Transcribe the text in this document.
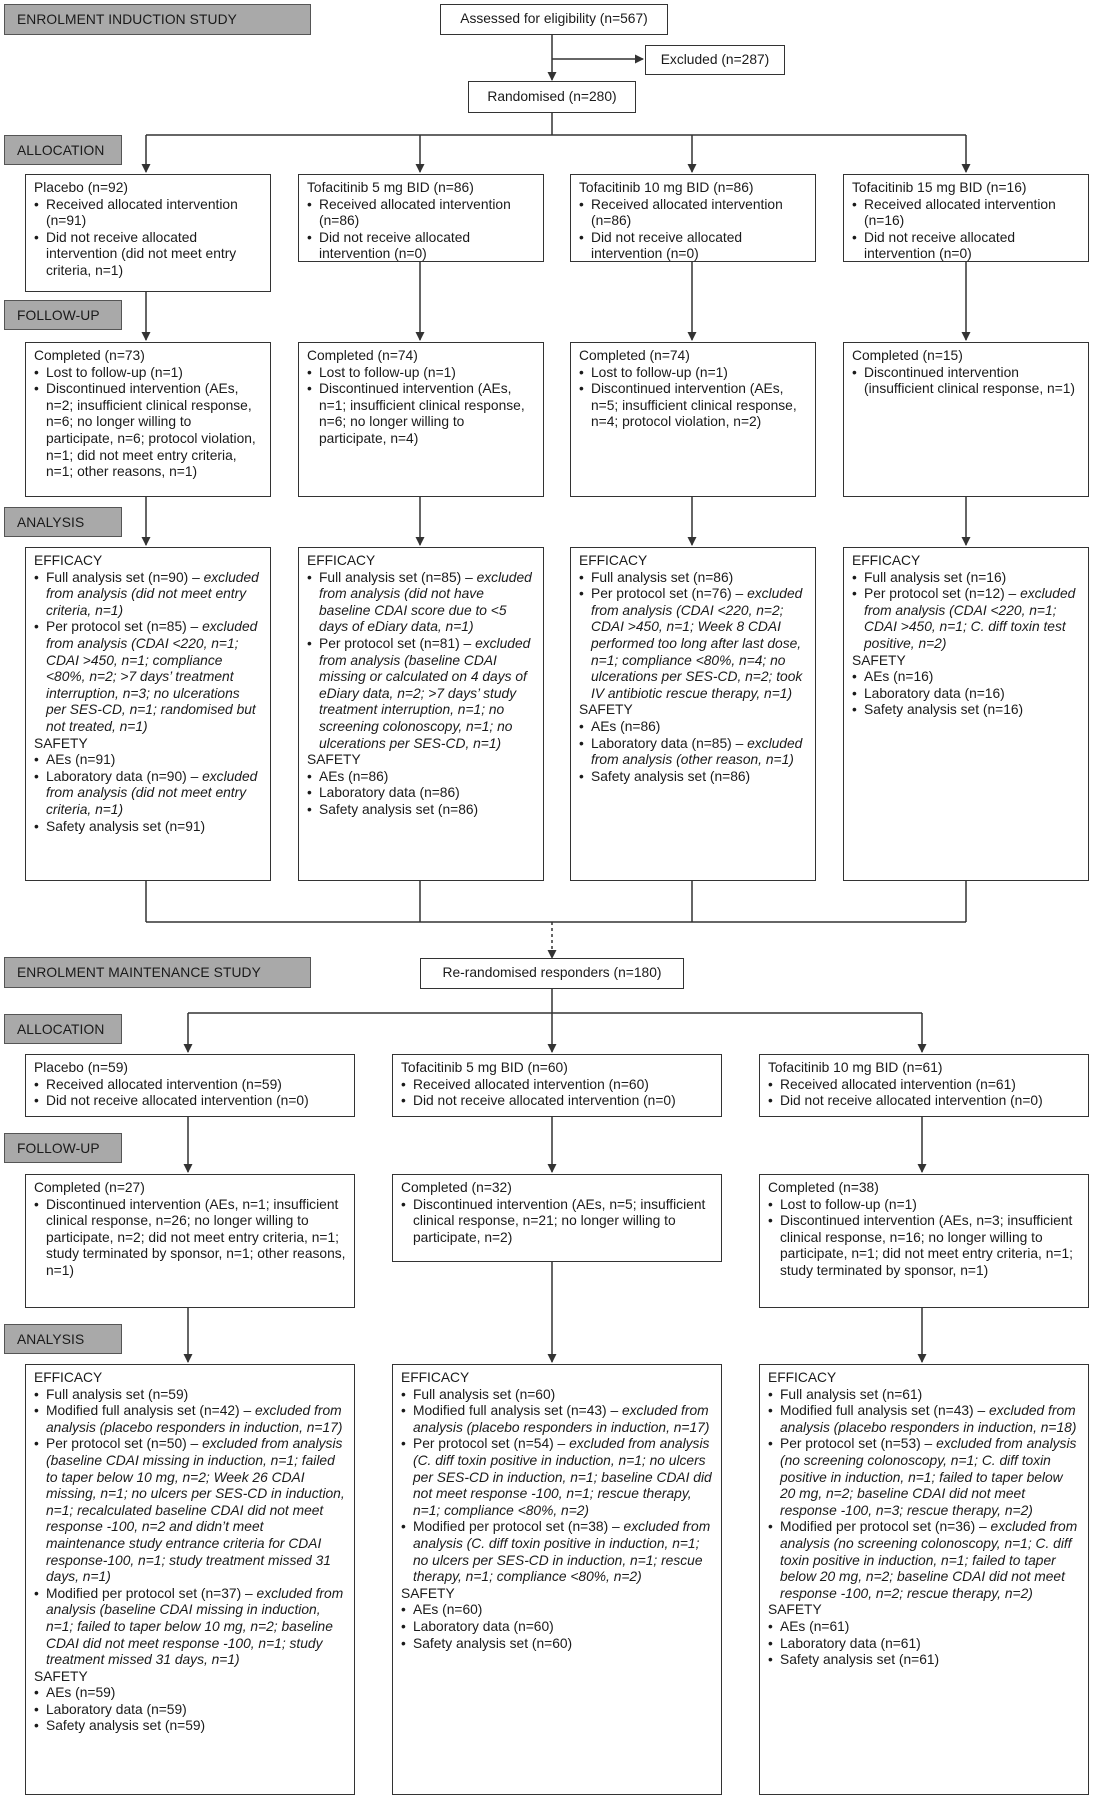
ENROLMENT INDUCTION STUDY
ALLOCATION
FOLLOW-UP
ANALYSIS
ENROLMENT MAINTENANCE STUDY
ALLOCATION
FOLLOW-UP
ANALYSIS
Assessed for eligibility (n=567)
Excluded (n=287)
Randomised (n=280)
Re-randomised responders (n=180)
Placebo (n=92)
• Received allocated intervention (n=91)
• Did not receive allocated intervention (did not meet entry criteria, n=1)
Tofacitinib 5 mg BID (n=86)
• Received allocated intervention (n=86)
• Did not receive allocated intervention (n=0)
Tofacitinib 10 mg BID (n=86)
• Received allocated intervention (n=86)
• Did not receive allocated intervention (n=0)
Tofacitinib 15 mg BID (n=16)
• Received allocated intervention (n=16)
• Did not receive allocated intervention (n=0)
Completed (n=73)
• Lost to follow-up (n=1)
• Discontinued intervention (AEs, n=2; insufficient clinical response, n=6; no longer willing to participate, n=6; protocol violation, n=1; did not meet entry criteria, n=1; other reasons, n=1)
Completed (n=74)
• Lost to follow-up (n=1)
• Discontinued intervention (AEs, n=1; insufficient clinical response, n=6; no longer willing to participate, n=4)
Completed (n=74)
• Lost to follow-up (n=1)
• Discontinued intervention (AEs, n=5; insufficient clinical response, n=4; protocol violation, n=2)
Completed (n=15)
• Discontinued intervention (insufficient clinical response, n=1)
EFFICACY
• Full analysis set (n=90) – excluded from analysis (did not meet entry criteria, n=1)
• Per protocol set (n=85) – excluded from analysis (CDAI <220, n=1; CDAI >450, n=1; compliance <80%, n=2; >7 days’ treatment interruption, n=3; no ulcerations per SES-CD, n=1; randomised but not treated, n=1)
SAFETY
• AEs (n=91)
• Laboratory data (n=90) – excluded from analysis (did not meet entry criteria, n=1)
• Safety analysis set (n=91)
EFFICACY
• Full analysis set (n=85) – excluded from analysis (did not have baseline CDAI score due to <5 days of eDiary data, n=1)
• Per protocol set (n=81) – excluded from analysis (baseline CDAI missing or calculated on 4 days of eDiary data, n=2; >7 days’ study treatment interruption, n=1; no screening colonoscopy, n=1; no ulcerations per SES-CD, n=1)
SAFETY
• AEs (n=86)
• Laboratory data (n=86)
• Safety analysis set (n=86)
EFFICACY
• Full analysis set (n=86)
• Per protocol set (n=76) – excluded from analysis (CDAI <220, n=2; CDAI >450, n=1; Week 8 CDAI performed too long after last dose, n=1; compliance <80%, n=4; no ulcerations per SES-CD, n=2; took IV antibiotic rescue therapy, n=1)
SAFETY
• AEs (n=86)
• Laboratory data (n=85) – excluded from analysis (other reason, n=1)
• Safety analysis set (n=86)
EFFICACY
• Full analysis set (n=16)
• Per protocol set (n=12) – excluded from analysis (CDAI <220, n=1; CDAI >450, n=1; C. diff toxin test positive, n=2)
SAFETY
• AEs (n=16)
• Laboratory data (n=16)
• Safety analysis set (n=16)
Placebo (n=59)
• Received allocated intervention (n=59)
• Did not receive allocated intervention (n=0)
Tofacitinib 5 mg BID (n=60)
• Received allocated intervention (n=60)
• Did not receive allocated intervention (n=0)
Tofacitinib 10 mg BID (n=61)
• Received allocated intervention (n=61)
• Did not receive allocated intervention (n=0)
Completed (n=27)
• Discontinued intervention (AEs, n=1; insufficient clinical response, n=26; no longer willing to participate, n=2; did not meet entry criteria, n=1; study terminated by sponsor, n=1; other reasons, n=1)
Completed (n=32)
• Discontinued intervention (AEs, n=5; insufficient clinical response, n=21; no longer willing to participate, n=2)
Completed (n=38)
• Lost to follow-up (n=1)
• Discontinued intervention (AEs, n=3; insufficient clinical response, n=16; no longer willing to participate, n=1; did not meet entry criteria, n=1; study terminated by sponsor, n=1)
EFFICACY
• Full analysis set (n=59)
• Modified full analysis set (n=42) – excluded from analysis (placebo responders in induction, n=17)
• Per protocol set (n=50) – excluded from analysis (baseline CDAI missing in induction, n=1; failed to taper below 10 mg, n=2; Week 26 CDAI missing, n=1; no ulcers per SES-CD in induction, n=1; recalculated baseline CDAI did not meet response -100, n=2 and didn’t meet maintenance study entrance criteria for CDAI response-100, n=1; study treatment missed 31 days, n=1)
• Modified per protocol set (n=37) – excluded from analysis (baseline CDAI missing in induction, n=1; failed to taper below 10 mg, n=2; baseline CDAI did not meet response -100, n=1; study treatment missed 31 days, n=1)
SAFETY
• AEs (n=59)
• Laboratory data (n=59)
• Safety analysis set (n=59)
EFFICACY
• Full analysis set (n=60)
• Modified full analysis set (n=43) – excluded from analysis (placebo responders in induction, n=17)
• Per protocol set (n=54) – excluded from analysis (C. diff toxin positive in induction, n=1; no ulcers per SES-CD in induction, n=1; baseline CDAI did not meet response -100, n=1; rescue therapy, n=1; compliance <80%, n=2)
• Modified per protocol set (n=38) – excluded from analysis (C. diff toxin positive in induction, n=1; no ulcers per SES-CD in induction, n=1; rescue therapy, n=1; compliance <80%, n=2)
SAFETY
• AEs (n=60)
• Laboratory data (n=60)
• Safety analysis set (n=60)
EFFICACY
• Full analysis set (n=61)
• Modified full analysis set (n=43) – excluded from analysis (placebo responders in induction, n=18)
• Per protocol set (n=53) – excluded from analysis (no screening colonoscopy, n=1; C. diff toxin positive in induction, n=1; failed to taper below 20 mg, n=2; baseline CDAI did not meet response -100, n=3; rescue therapy, n=2)
• Modified per protocol set (n=36) – excluded from analysis (no screening colonoscopy, n=1; C. diff toxin positive in induction, n=1; failed to taper below 20 mg, n=2; baseline CDAI did not meet response -100, n=2; rescue therapy, n=2)
SAFETY
• AEs (n=61)
• Laboratory data (n=61)
• Safety analysis set (n=61)
